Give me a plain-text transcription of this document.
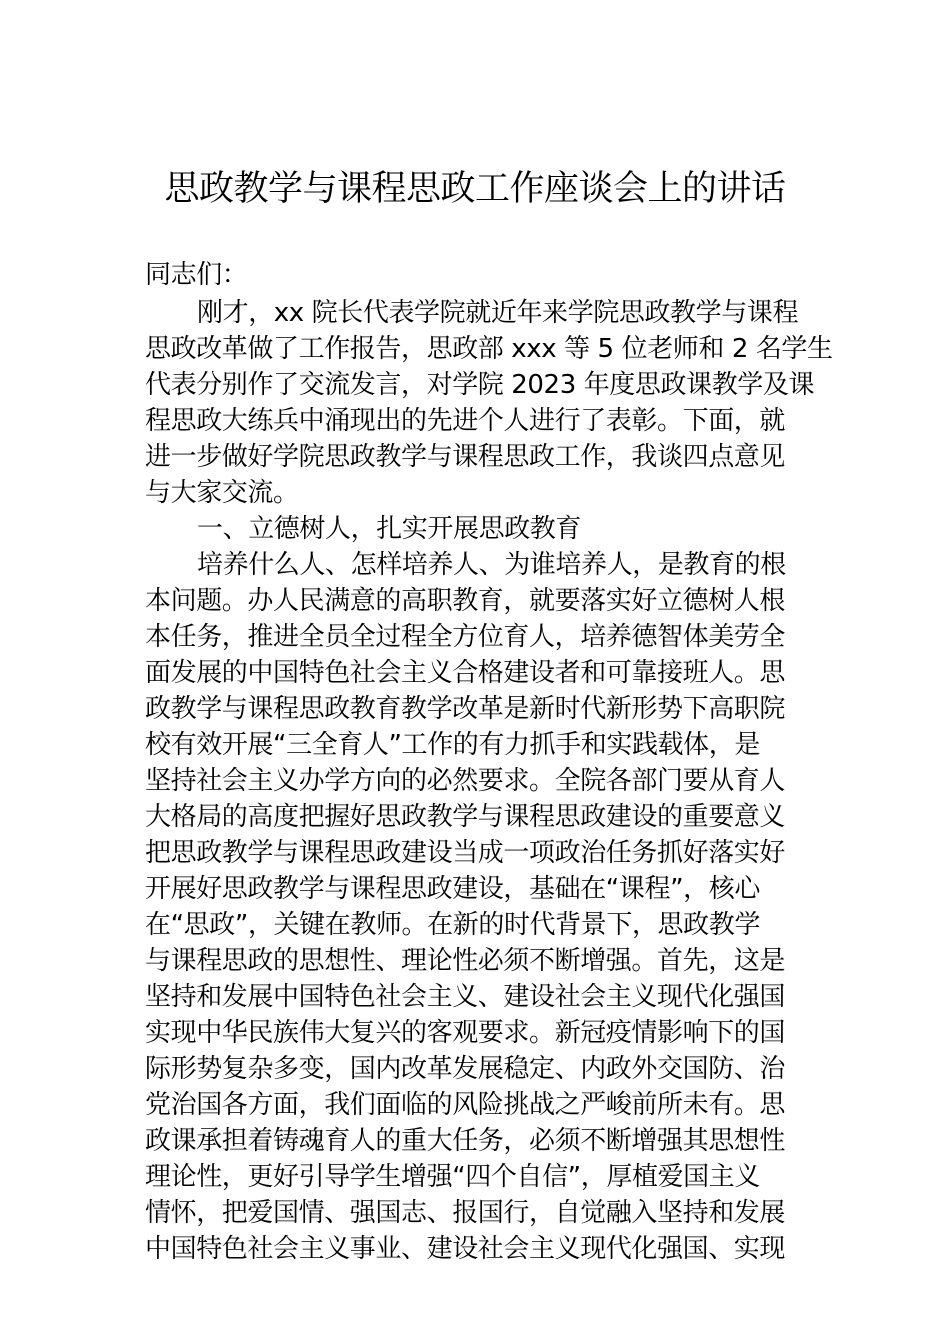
思政教学与课程思政工作座谈会上的讲话
同志们：
刚才，xx 院长代表学院就近年来学院思政教学与课程
思政改革做了工作报告，思政部 xxx 等 5 位老师和 2 名学生
代表分别作了交流发言，对学院 2023 年度思政课教学及课
程思政大练兵中涌现出的先进个人进行了表彰。下面，就
进一步做好学院思政教学与课程思政工作，我谈四点意见
与大家交流。
一、立德树人，扎实开展思政教育
培养什么人、怎样培养人、为谁培养人，是教育的根
本问题。办人民满意的高职教育，就要落实好立德树人根
本任务，推进全员全过程全方位育人，培养德智体美劳全
面发展的中国特色社会主义合格建设者和可靠接班人。思
政教学与课程思政教育教学改革是新时代新形势下高职院
校有效开展“三全育人”工作的有力抓手和实践载体，是
坚持社会主义办学方向的必然要求。全院各部门要从育人
大格局的高度把握好思政教学与课程思政建设的重要意义
把思政教学与课程思政建设当成一项政治任务抓好落实好
开展好思政教学与课程思政建设，基础在“课程”，核心
在“思政”，关键在教师。在新的时代背景下，思政教学
与课程思政的思想性、理论性必须不断增强。首先，这是
坚持和发展中国特色社会主义、建设社会主义现代化强国
实现中华民族伟大复兴的客观要求。新冠疫情影响下的国
际形势复杂多变，国内改革发展稳定、内政外交国防、治
党治国各方面，我们面临的风险挑战之严峻前所未有。思
政课承担着铸魂育人的重大任务，必须不断增强其思想性
理论性，更好引导学生增强“四个自信”，厚植爱国主义
情怀，把爱国情、强国志、报国行，自觉融入坚持和发展
中国特色社会主义事业、建设社会主义现代化强国、实现
